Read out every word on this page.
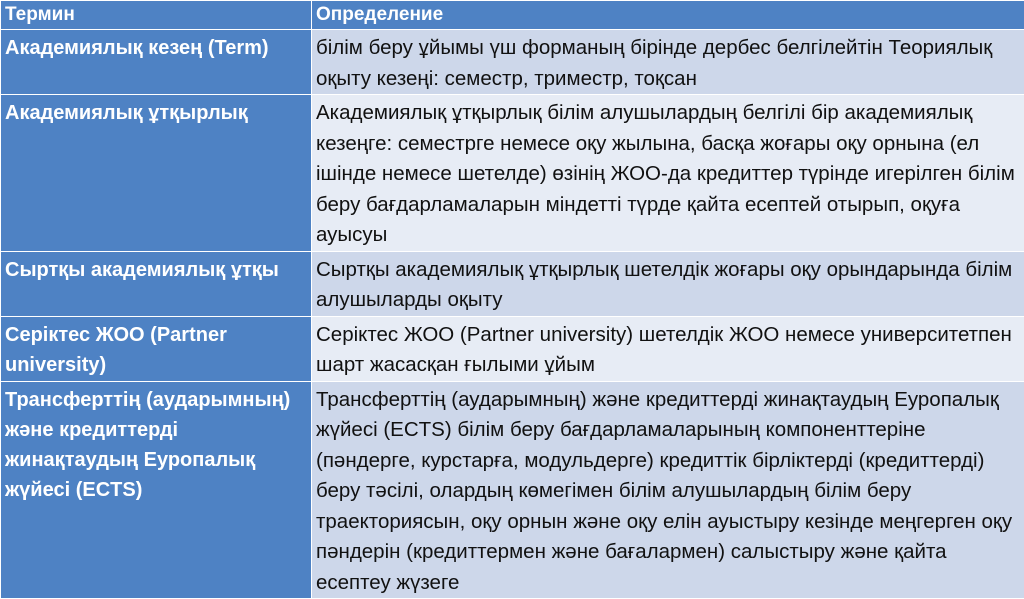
Термин	Определение
Академиялық кезең (Term)	білім беру ұйымы үш форманың бірінде дербес белгілейтін Теориялық оқыту кезеңі: семестр, триместр, тоқсан
Академиялық ұтқырлық	Академиялық ұтқырлық білім алушылардың белгілі бір академиялық кезеңге: семестрге немесе оқу жылына, басқа жоғары оқу орнына (ел ішінде немесе шетелде) өзінің ЖОО-да кредиттер түрінде игерілген білім беру бағдарламаларын міндетті түрде қайта есептей отырып, оқуға ауысуы
Сыртқы академиялық ұтқы	Сыртқы академиялық ұтқырлық шетелдік жоғары оқу орындарында білім алушыларды оқыту
Серіктес ЖОО (Partner university)	Серіктес ЖОО (Partner university) шетелдік ЖОО немесе университетпен шарт жасасқан ғылыми ұйым
Трансферттің (аударымның) және кредиттерді жинақтаудың Еуропалық жүйесі (ECTS)	Трансферттің (аударымның) және кредиттерді жинақтаудың Еуропалық жүйесі (ECTS) білім беру бағдарламаларының компоненттеріне (пәндерге, курстарға, модульдерге) кредиттік бірліктерді (кредиттерді) беру тәсілі, олардың көмегімен білім алушылардың білім беру траекториясын, оқу орнын және оқу елін ауыстыру кезінде меңгерген оқу пәндерін (кредиттермен және бағалармен) салыстыру және қайта есептеу жүзеге
